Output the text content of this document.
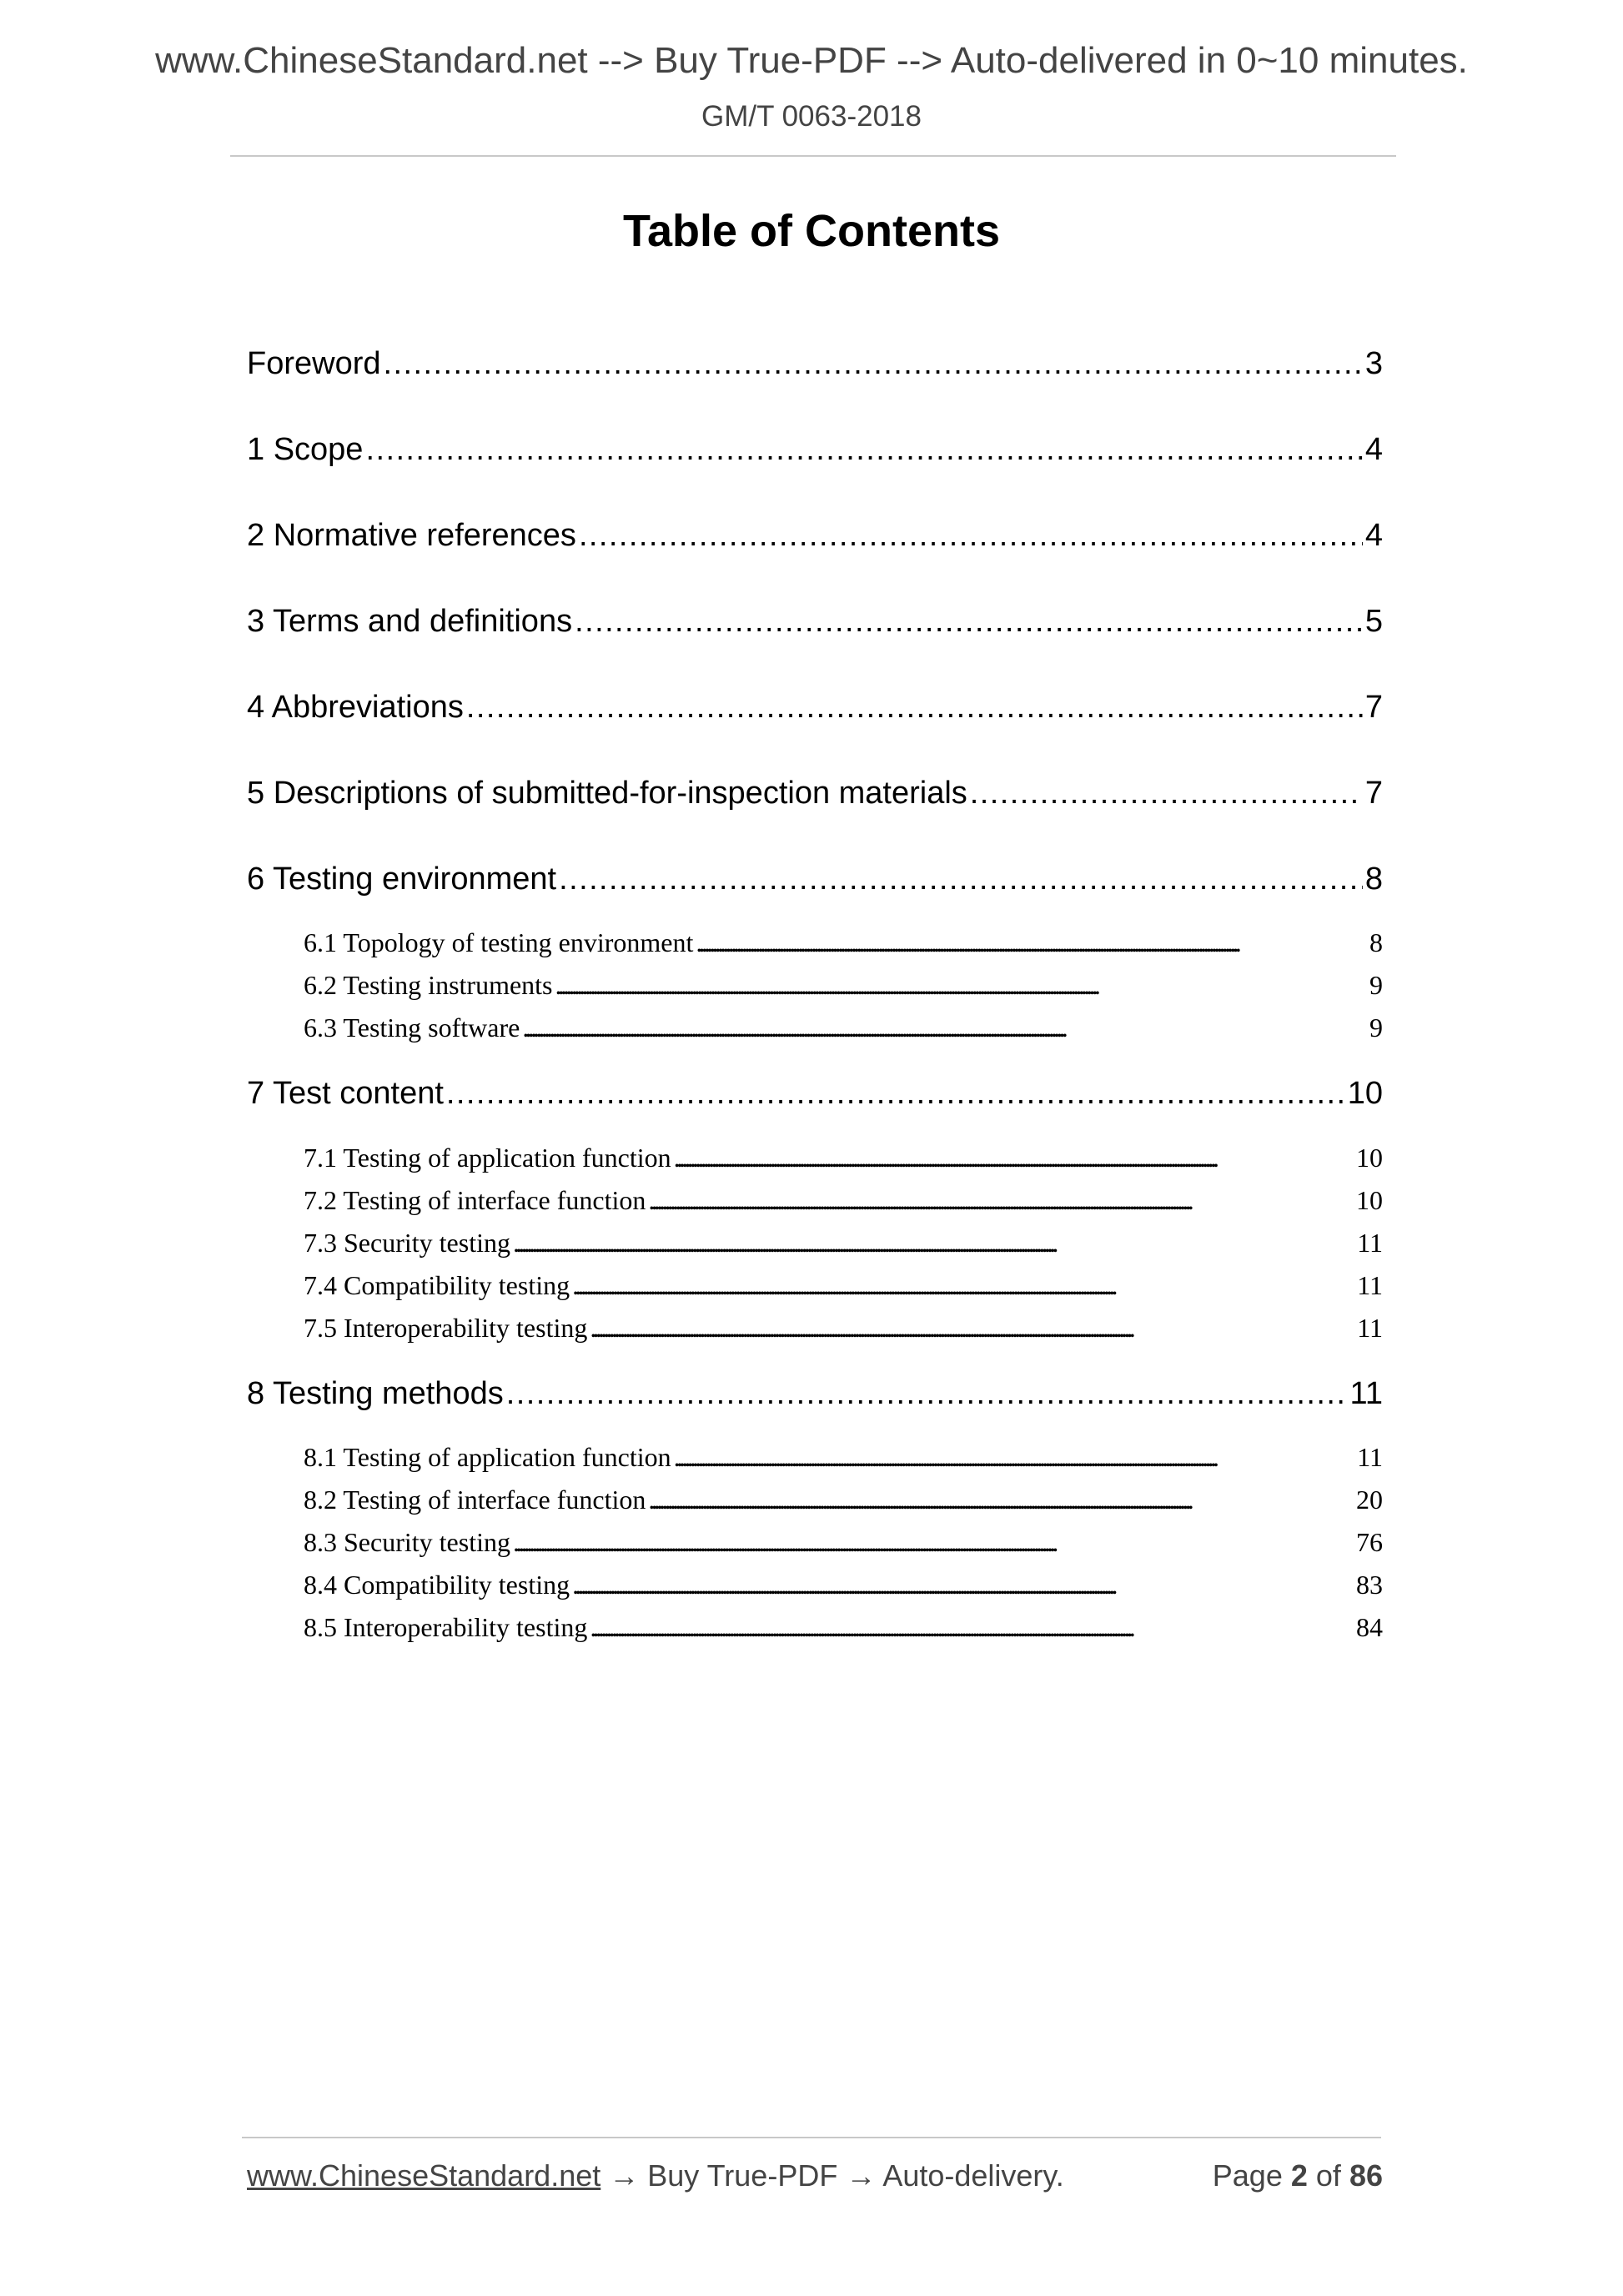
www.ChineseStandard.net --> Buy True-PDF --> Auto-delivered in 0~10 minutes.
GM/T 0063-2018
Table of Contents
Foreword . . .	3
1 Scope . . .	4
2 Normative references . . .	4
3 Terms and definitions . . .	5
4 Abbreviations . . .	7
5 Descriptions of submitted-for-inspection materials . . .	7
6 Testing environment . . .	8
6.1 Topology of testing environment . . .	8
6.2 Testing instruments . . .	9
6.3 Testing software . . .	9
7 Test content . . .	10
7.1 Testing of application function . . .	10
7.2 Testing of interface function . . .	10
7.3 Security testing . . .	11
7.4 Compatibility testing . . .	11
7.5 Interoperability testing . . .	11
8 Testing methods . . .	11
8.1 Testing of application function . . .	11
8.2 Testing of interface function . . .	20
8.3 Security testing . . .	76
8.4 Compatibility testing . . .	83
8.5 Interoperability testing . . .	84
www.ChineseStandard.net → Buy True-PDF → Auto-delivery.	Page 2 of 86
